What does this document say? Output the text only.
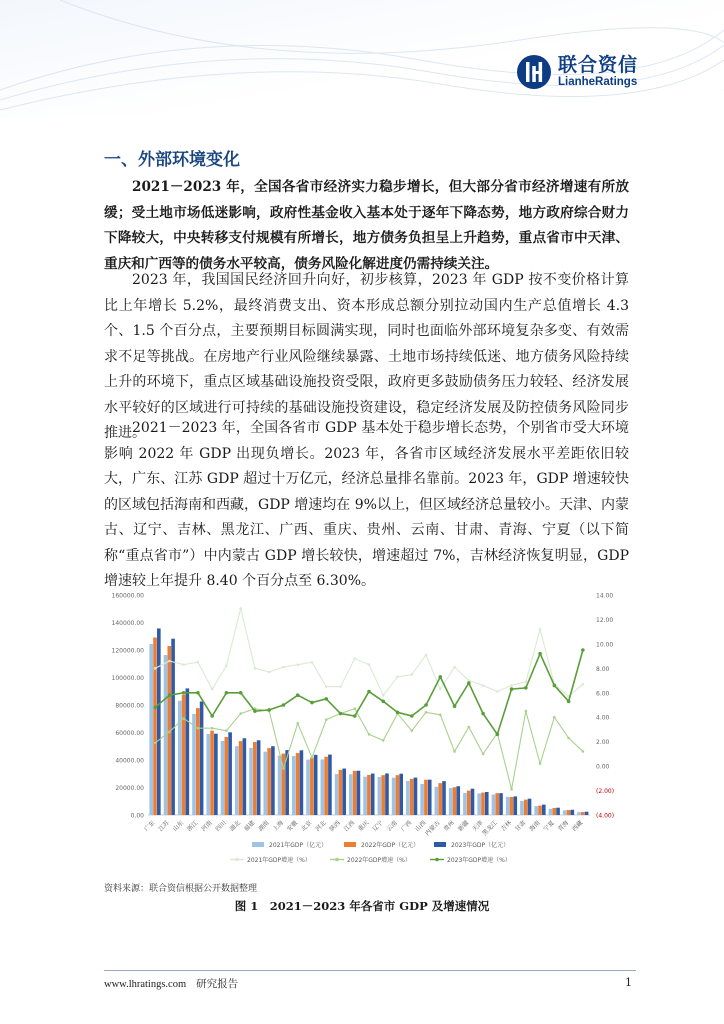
联合资信
LianheRatings
一、外部环境变化

2021－2023 年，全国各省市经济实力稳步增长，但大部分省市经济增速有所放缓；受土地市场低迷影响，政府性基金收入基本处于逐年下降态势，地方政府综合财力下降较大，中央转移支付规模有所增长，地方债务负担呈上升趋势，重点省市中天津、重庆和广西等的债务水平较高，债务风险化解进度仍需持续关注。

2023 年，我国国民经济回升向好，初步核算，2023 年 GDP 按不变价格计算比上年增长 5.2%，最终消费支出、资本形成总额分别拉动国内生产总值增长 4.3 个、1.5 个百分点，主要预期目标圆满实现，同时也面临外部环境复杂多变、有效需求不足等挑战。在房地产行业风险继续暴露、土地市场持续低迷、地方债务风险持续上升的环境下，重点区域基础设施投资受限，政府更多鼓励债务压力较轻、经济发展水平较好的区域进行可持续的基础设施投资建设，稳定经济发展及防控债务风险同步推进。

2021－2023 年，全国各省市 GDP 基本处于稳步增长态势，个别省市受大环境影响 2022 年 GDP 出现负增长。2023 年，各省市区域经济发展水平差距依旧较大，广东、江苏 GDP 超过十万亿元，经济总量排名靠前。2023 年，GDP 增速较快的区域包括海南和西藏，GDP 增速均在 9%以上，但区域经济总量较小。天津、内蒙古、辽宁、吉林、黑龙江、广西、重庆、贵州、云南、甘肃、青海、宁夏（以下简称“重点省市”）中内蒙古 GDP 增长较快，增速超过 7%，吉林经济恢复明显，GDP 增速较上年提升 8.40 个百分点至 6.30%。

0.00
20000.00
40000.00
60000.00
80000.00
100000.00
120000.00
140000.00
160000.00
(4.00)
(2.00)
0.00
2.00
4.00
6.00
8.00
10.00
12.00
14.00
广东 江苏 山东 浙江 河南 四川 湖北 福建 湖南 上海 安徽 北京 河北 陕西 江西 重庆 辽宁 云南 广西 山西
内蒙古 贵州 新疆 天津
黑龙江 吉林 甘肃 海南 宁夏 青海 西藏
2021年GDP（亿元）	2022年GDP（亿元）	2023年GDP（亿元）
2021年GDP增速（%）	2022年GDP增速（%）	2023年GDP增速（%）
资料来源：联合资信根据公开数据整理
图 1　2021－2023 年各省市 GDP 及增速情况
www.lhratings.com 研究报告	1
